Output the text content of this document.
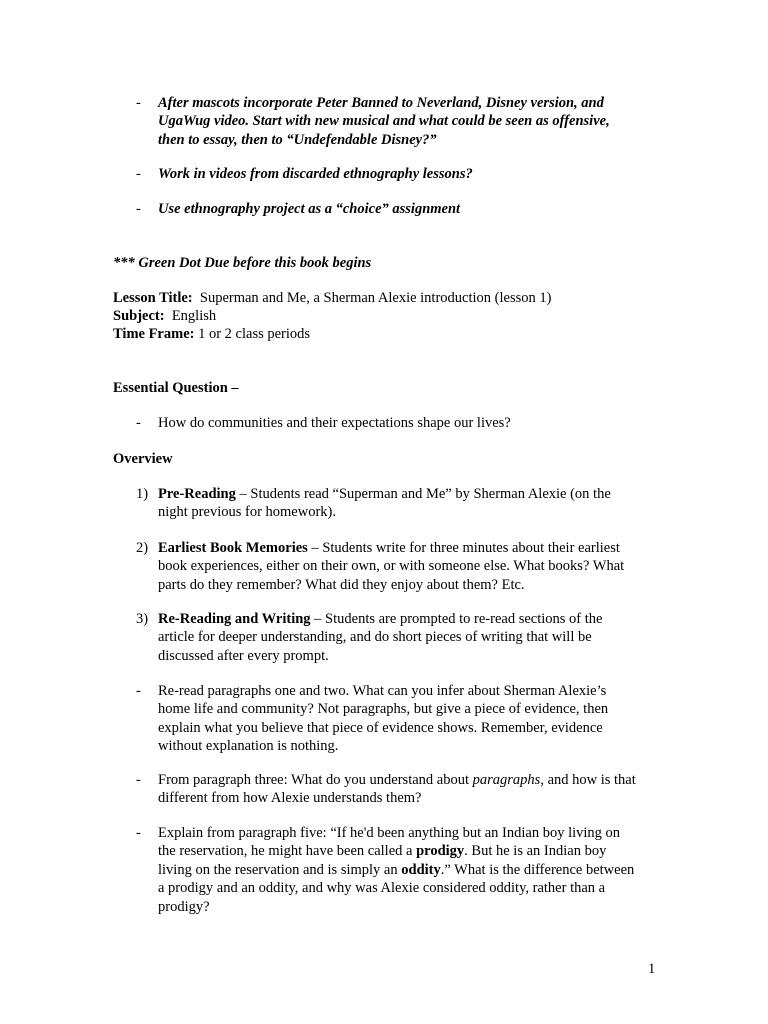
- After mascots incorporate Peter Banned to Neverland, Disney version, and
UgaWug video. Start with new musical and what could be seen as offensive,
then to essay, then to “Undefendable Disney?”
- Work in videos from discarded ethnography lessons?
- Use ethnography project as a “choice” assignment
*** Green Dot Due before this book begins
Lesson Title: Superman and Me, a Sherman Alexie introduction (lesson 1)
Subject: English
Time Frame: 1 or 2 class periods
Essential Question –
- How do communities and their expectations shape our lives?
Overview
1) Pre-Reading – Students read “Superman and Me” by Sherman Alexie (on the
night previous for homework).
2) Earliest Book Memories – Students write for three minutes about their earliest
book experiences, either on their own, or with someone else. What books? What
parts do they remember? What did they enjoy about them? Etc.
3) Re-Reading and Writing – Students are prompted to re-read sections of the
article for deeper understanding, and do short pieces of writing that will be
discussed after every prompt.
- Re-read paragraphs one and two. What can you infer about Sherman Alexie’s
home life and community? Not paragraphs, but give a piece of evidence, then
explain what you believe that piece of evidence shows. Remember, evidence
without explanation is nothing.
- From paragraph three: What do you understand about paragraphs, and how is that
different from how Alexie understands them?
- Explain from paragraph five: “If he'd been anything but an Indian boy living on
the reservation, he might have been called a prodigy. But he is an Indian boy
living on the reservation and is simply an oddity.” What is the difference between
a prodigy and an oddity, and why was Alexie considered oddity, rather than a
prodigy?
1
